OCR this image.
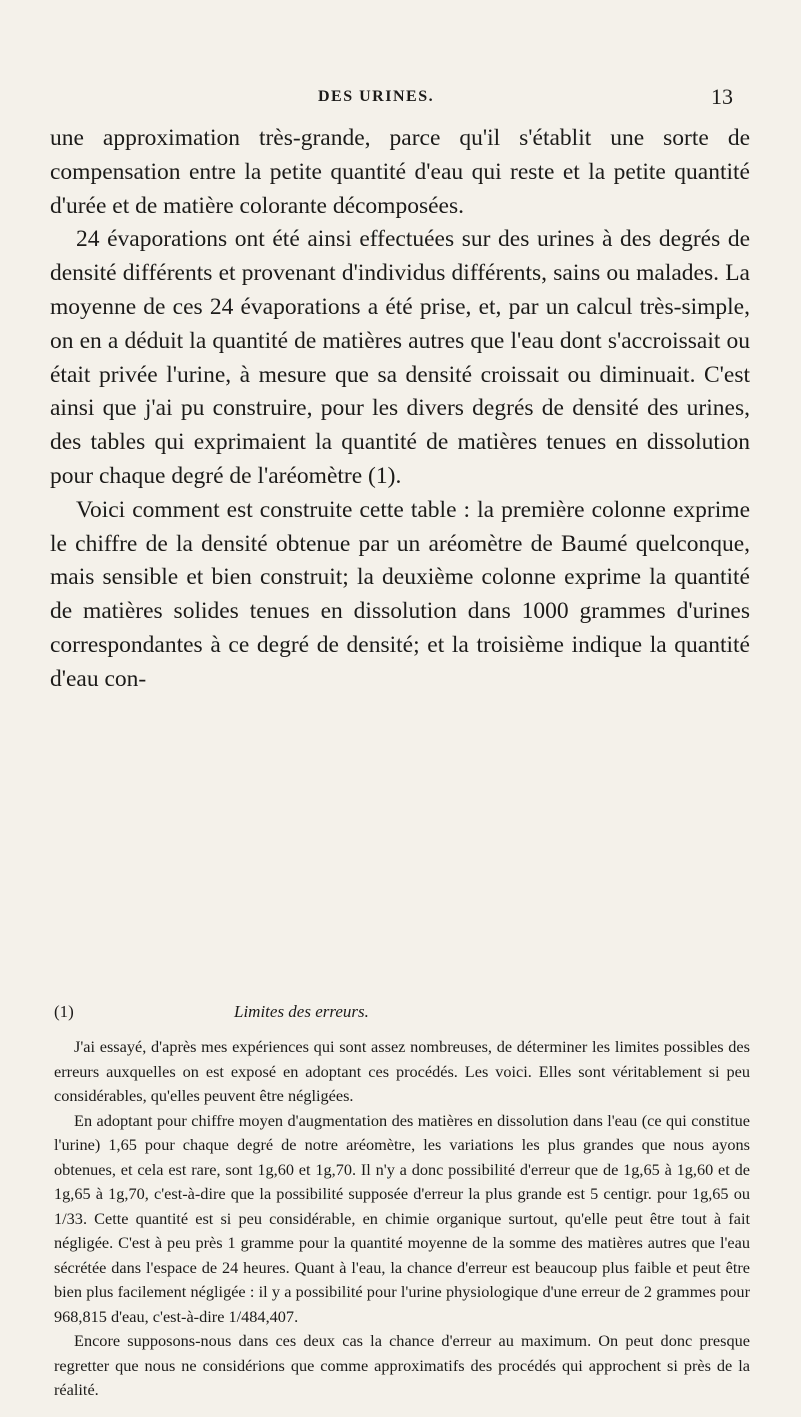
DES URINES.	13

une approximation très-grande, parce qu'il s'établit une sorte de compensation entre la petite quantité d'eau qui reste et la petite quantité d'urée et de matière colorante décomposées.

24 évaporations ont été ainsi effectuées sur des urines à des degrés de densité différents et provenant d'individus différents, sains ou malades. La moyenne de ces 24 évaporations a été prise, et, par un calcul très-simple, on en a déduit la quantité de matières autres que l'eau dont s'accroissait ou était privée l'urine, à mesure que sa densité croissait ou diminuait. C'est ainsi que j'ai pu construire, pour les divers degrés de densité des urines, des tables qui exprimaient la quantité de matières tenues en dissolution pour chaque degré de l'aréomètre (1).

Voici comment est construite cette table : la première colonne exprime le chiffre de la densité obtenue par un aréomètre de Baumé quelconque, mais sensible et bien construit; la deuxième colonne exprime la quantité de matières solides tenues en dissolution dans 1000 grammes d'urines correspondantes à ce degré de densité; et la troisième indique la quantité d'eau con-

(1)	Limites des erreurs.

J'ai essayé, d'après mes expériences qui sont assez nombreuses, de déterminer les limites possibles des erreurs auxquelles on est exposé en adoptant ces procédés. Les voici. Elles sont véritablement si peu considérables, qu'elles peuvent être négligées.

En adoptant pour chiffre moyen d'augmentation des matières en dissolution dans l'eau (ce qui constitue l'urine) 1,65 pour chaque degré de notre aréomètre, les variations les plus grandes que nous ayons obtenues, et cela est rare, sont 1g,60 et 1g,70. Il n'y a donc possibilité d'erreur que de 1g,65 à 1g,60 et de 1g,65 à 1g,70, c'est-à-dire que la possibilité supposée d'erreur la plus grande est 5 centigr. pour 1g,65 ou 1/33. Cette quantité est si peu considérable, en chimie organique surtout, qu'elle peut être tout à fait négligée. C'est à peu près 1 gramme pour la quantité moyenne de la somme des matières autres que l'eau sécrétée dans l'espace de 24 heures. Quant à l'eau, la chance d'erreur est beaucoup plus faible et peut être bien plus facilement négligée : il y a possibilité pour l'urine physiologique d'une erreur de 2 grammes pour 968,815 d'eau, c'est-à-dire 1/484,407.

Encore supposons-nous dans ces deux cas la chance d'erreur au maximum. On peut donc presque regretter que nous ne considérions que comme approximatifs des procédés qui approchent si près de la réalité.
